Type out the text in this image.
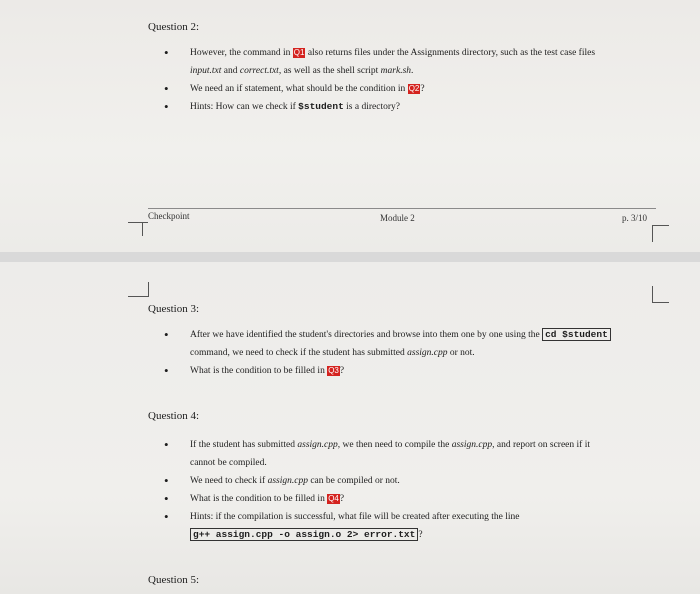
Question 2:
• However, the command in Q1 also returns files under the Assignments directory, such as the test case files
input.txt and correct.txt, as well as the shell script mark.sh.
• We need an if statement, what should be the condition in Q2?
• Hints: How can we check if $student is a directory?
Checkpoint	Module 2	p. 3/10
Question 3:
• After we have identified the student's directories and browse into them one by one using the cd $student
command, we need to check if the student has submitted assign.cpp or not.
• What is the condition to be filled in Q3?
Question 4:
• If the student has submitted assign.cpp, we then need to compile the assign.cpp, and report on screen if it
cannot be compiled.
• We need to check if assign.cpp can be compiled or not.
• What is the condition to be filled in Q4?
• Hints: if the compilation is successful, what file will be created after executing the line
g++ assign.cpp -o assign.o 2> error.txt ?
Question 5:
